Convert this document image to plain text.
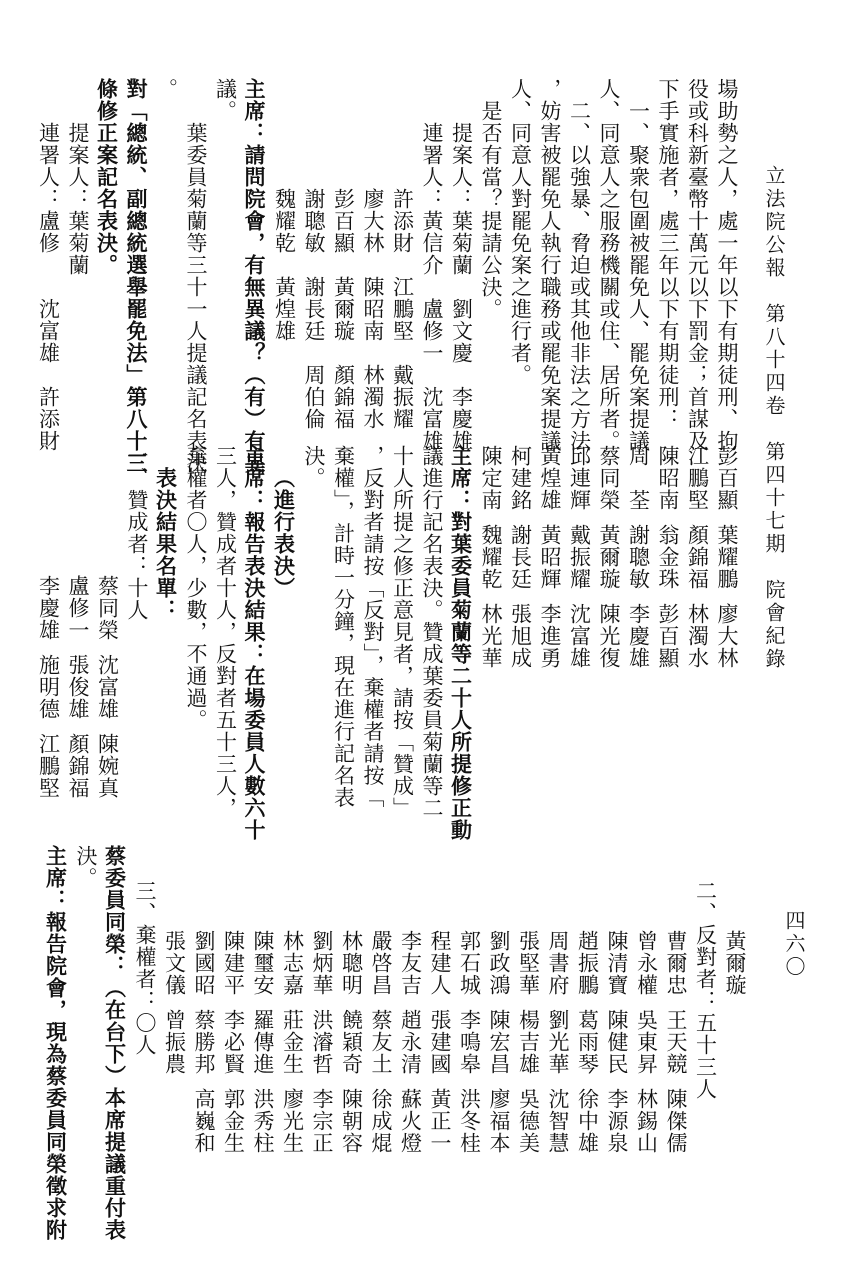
立法院公報　第八十四卷　第四十七期　院會紀錄
四六〇
黃爾璇
二、反對者：五十三人
曹爾忠
王天競
陳傑儒
曾永權
吳東昇
林錫山
陳清寶
陳健民
李源泉
趙振鵬
葛雨琴
徐中雄
周書府
劉光華
沈智慧
張堅華
楊吉雄
吳德美
劉政鴻
陳宏昌
廖福本
郭石城
李鳴皋
洪冬桂
程建人
張建國
黃正一
李友吉
趙永清
蘇火燈
嚴啓昌
蔡友土
徐成焜
林聰明
饒穎奇
陳朝容
劉炳華
洪濬哲
李宗正
林志嘉
莊金生
廖光生
陳璽安
羅傳進
洪秀柱
陳建平
李必賢
郭金生
劉國昭
蔡勝邦
高巍和
張文儀
曾振農
三、棄權者：〇人
蔡委員同榮：（在台下）本席提議重付表
決。
主席：報告院會，現為蔡委員同榮徵求附
場助勢之人，處一年以下有期徒刑、拘
役或科新臺幣十萬元以下罰金；首謀及
下手實施者，處三年以下有期徒刑：
一、聚衆包圍被罷免人、罷免案提議
人、同意人之服務機關或住、居所者。
二、以強暴、脅迫或其他非法之方法
，妨害被罷免人執行職務或罷免案提議
人、同意人對罷免案之進行者。
是否有當？提請公決。
提案人：葉菊蘭　劉文慶　李慶雄
連署人：黃信介　盧修一　沈富雄
許添財　江鵬堅　戴振耀
廖大林　陳昭南　林濁水
彭百顯　黃爾璇　顏錦福
謝聰敏　謝長廷　周伯倫
魏耀乾　黃煌雄
主席：請問院會，有無異議？（有）有異
議。
葉委員菊蘭等三十一人提議記名表決
。
對「總統、副總統選舉罷免法」第八十三
條修正案記名表決。
提案人：葉菊蘭
連署人：盧修　　沈富雄　許添財
彭百顯
葉耀鵬
廖大林
江鵬堅
顏錦福
林濁水
陳昭南
翁金珠
彭百顯
周　荃
謝聰敏
李慶雄
蔡同榮
黃爾璇
陳光復
邱連輝
戴振耀
沈富雄
黃煌雄
黃昭輝
李進勇
柯建銘
謝長廷
張旭成
陳定南
魏耀乾
林光華
主席：對葉委員菊蘭等二十人所提修正動
議進行記名表決。贊成葉委員菊蘭等二
十人所提之修正意見者，請按「贊成」
，反對者請按「反對」，棄權者請按「
棄權」，計時一分鐘，現在進行記名表
決。
（進行表決）
主席：報告表決結果：在場委員人數六十
三人，贊成者十人，反對者五十三人，
棄權者〇人，少數，不通過。
表決結果名單：
一、贊成者：十人
蔡同榮
沈富雄
陳婉真
盧修一
張俊雄
顏錦福
李慶雄
施明德
江鵬堅
